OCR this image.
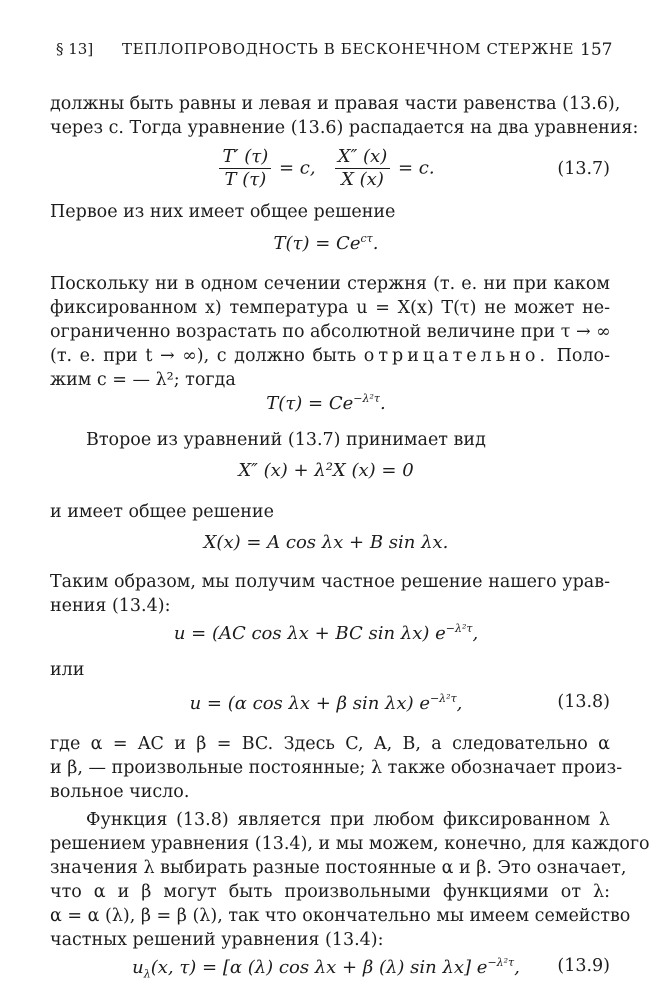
§ 13] ТЕПЛОПРОВОДНОСТЬ В БЕСКОНЕЧНОМ СТЕРЖНЕ 157
должны быть равны и левая и правая части равенства (13.6),
через c. Тогда уравнение (13.6) распадается на два уравнения:
$\frac{T' (\tau)}{T (\tau)} = c$, $\frac{X'' (x)}{X (x)} = c$.	(13.7)
Первое из них имеет общее решение
$T(\tau) = Ce^{c\tau}$.
Поскольку ни в одном сечении стержня (т. е. ни при каком
фиксированном x) температура u = X(x) T(τ) не может не-
ограниченно возрастать по абсолютной величине при τ → ∞
(т. е. при t → ∞), c должно быть отрицательно. Поло-
жим c = — λ²; тогда
$T(\tau) = Ce^{-\lambda^2\tau}$.
Второе из уравнений (13.7) принимает вид
X″ (x) + λ²X (x) = 0
и имеет общее решение
X(x) = A cos λx + B sin λx.
Таким образом, мы получим частное решение нашего урав-
нения (13.4):
u = (AC cos λx + BC sin λx) $e^{-\lambda^2\tau}$,
или
u = (α cos λx + β sin λx) $e^{-\lambda^2\tau}$,	(13.8)
где α = AC и β = BC. Здесь C, A, B, а следовательно α
и β, — произвольные постоянные; λ также обозначает произ-
вольное число.
Функция (13.8) является при любом фиксированном λ
решением уравнения (13.4), и мы можем, конечно, для каждого
значения λ выбирать разные постоянные α и β. Это означает,
что α и β могут быть произвольными функциями от λ:
α = α (λ), β = β (λ), так что окончательно мы имеем семейство
частных решений уравнения (13.4):
$u_\lambda(x$, τ) = [α (λ) cos λx + β (λ) sin λx] $e^{-\lambda^2\tau}$, (13.9)
